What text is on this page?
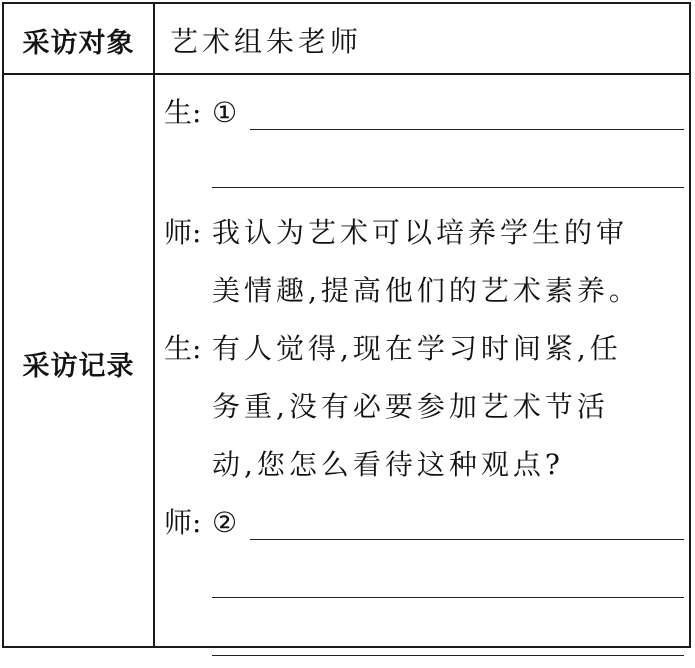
采访对象	艺术组朱老师
采访记录
生 : ①
师 : 我认为艺术可以培养学生的审
美情趣,提高他们的艺术素养。
生 : 有人觉得,现在学习时间紧,任
务重,没有必要参加艺术节活
动,您怎么看待这种观点?
师 : ②
